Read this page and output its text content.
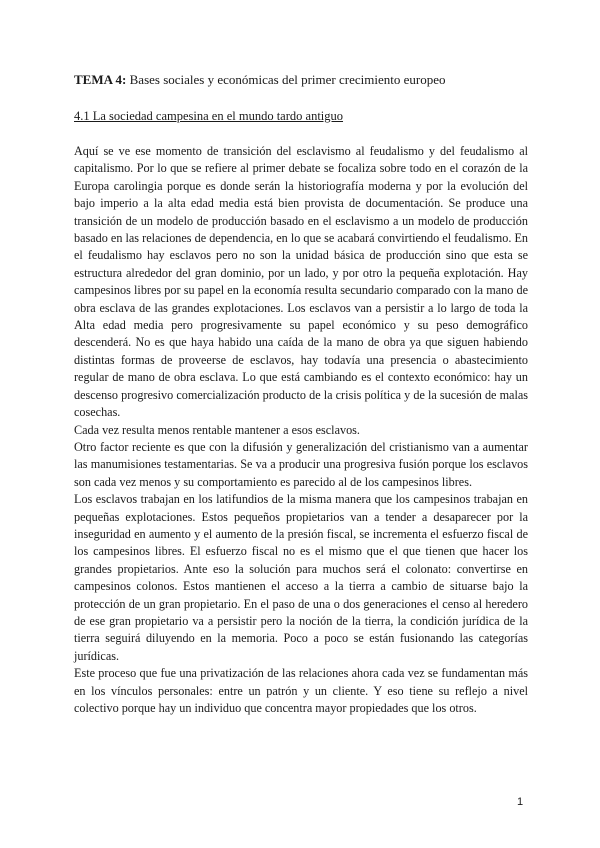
TEMA 4: Bases sociales y económicas del primer crecimiento europeo
4.1 La sociedad campesina en el mundo tardo antiguo

Aquí se ve ese momento de transición del esclavismo al feudalismo y del feudalismo al capitalismo. Por lo que se refiere al primer debate se focaliza sobre todo en el corazón de la Europa carolingia porque es donde serán la historiografía moderna y por la evolución del bajo imperio a la alta edad media está bien provista de documentación. Se produce una transición de un modelo de producción basado en el esclavismo a un modelo de producción basado en las relaciones de dependencia, en lo que se acabará convirtiendo el feudalismo. En el feudalismo hay esclavos pero no son la unidad básica de producción sino que esta se estructura alrededor del gran dominio, por un lado, y por otro la pequeña explotación. Hay campesinos libres por su papel en la economía resulta secundario comparado con la mano de obra esclava de las grandes explotaciones. Los esclavos van a persistir a lo largo de toda la Alta edad media pero progresivamente su papel económico y su peso demográfico descenderá. No es que haya habido una caída de la mano de obra ya que siguen habiendo distintas formas de proveerse de esclavos, hay todavía una presencia o abastecimiento regular de mano de obra esclava. Lo que está cambiando es el contexto económico: hay un descenso progresivo comercialización producto de la crisis política y de la sucesión de malas cosechas.

Cada vez resulta menos rentable mantener a esos esclavos.

Otro factor reciente es que con la difusión y generalización del cristianismo van a aumentar las manumisiones testamentarias. Se va a producir una progresiva fusión porque los esclavos son cada vez menos y su comportamiento es parecido al de los campesinos libres.

Los esclavos trabajan en los latifundios de la misma manera que los campesinos trabajan en pequeñas explotaciones. Estos pequeños propietarios van a tender a desaparecer por la inseguridad en aumento y el aumento de la presión fiscal, se incrementa el esfuerzo fiscal de los campesinos libres. El esfuerzo fiscal no es el mismo que el que tienen que hacer los grandes propietarios. Ante eso la solución para muchos será el colonato: convertirse en campesinos colonos. Estos mantienen el acceso a la tierra a cambio de situarse bajo la protección de un gran propietario. En el paso de una o dos generaciones el censo al heredero de ese gran propietario va a persistir pero la noción de la tierra, la condición jurídica de la tierra seguirá diluyendo en la memoria. Poco a poco se están fusionando las categorías jurídicas.

Este proceso que fue una privatización de las relaciones ahora cada vez se fundamentan más en los vínculos personales: entre un patrón y un cliente. Y eso tiene su reflejo a nivel colectivo porque hay un individuo que concentra mayor propiedades que los otros.

1
